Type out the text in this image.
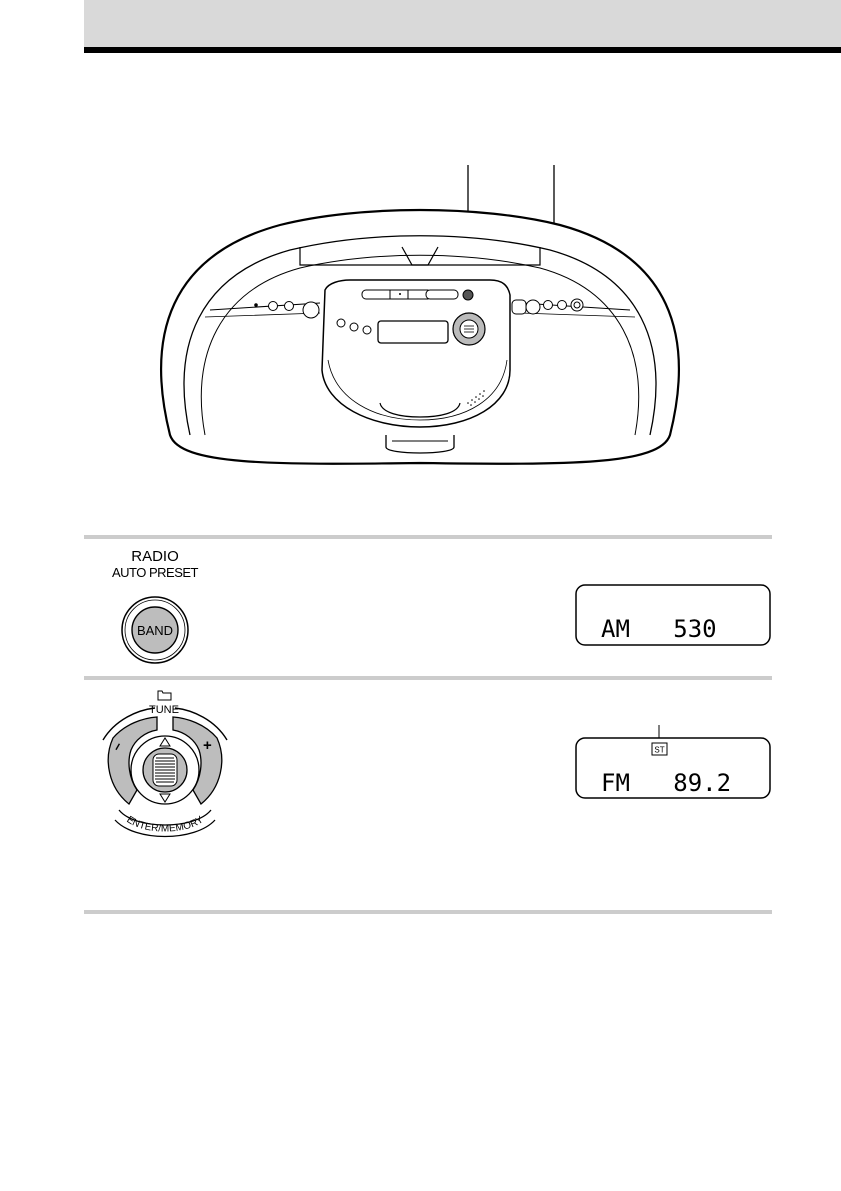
RADIO
AUTO PRESET
BAND	AM   530
TUNE
–	+
ENTER/MEMORY
ST
FM   89.2
